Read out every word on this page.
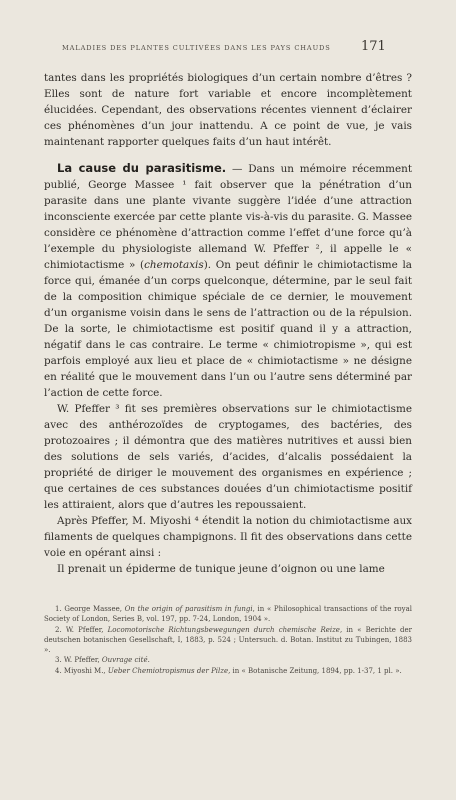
MALADIES DES PLANTES CULTIVÉES DANS LES PAYS CHAUDS	171

tantes dans les propriétés biologiques d’un certain nombre d’êtres ? Elles sont de nature fort variable et encore incomplètement élucidées. Cependant, des observations récentes viennent d’éclairer ces phénomènes d’un jour inattendu. A ce point de vue, je vais maintenant rapporter quelques faits d’un haut intérêt.

La cause du parasitisme. — Dans un mémoire récemment publié, George Massee ¹ fait observer que la pénétration d’un parasite dans une plante vivante suggère l’idée d’une attraction inconsciente exercée par cette plante vis-à-vis du parasite. G. Massee considère ce phénomène d’attraction comme l’effet d’une force qu’à l’exemple du physiologiste allemand W. Pfeffer ², il appelle le « chimiotactisme » (chemotaxis). On peut définir le chimiotactisme la force qui, émanée d’un corps quelconque, détermine, par le seul fait de la composition chimique spéciale de ce dernier, le mouvement d’un organisme voisin dans le sens de l’attraction ou de la répulsion. De la sorte, le chimiotactisme est positif quand il y a attraction, négatif dans le cas contraire. Le terme « chimiotropisme », qui est parfois employé aux lieu et place de « chimiotactisme » ne désigne en réalité que le mouvement dans l’un ou l’autre sens déterminé par l’action de cette force.

W. Pfeffer ³ fit ses premières observations sur le chimiotactisme avec des anthérozoïdes de cryptogames, des bactéries, des protozoaires ; il démontra que des matières nutritives et aussi bien des solutions de sels variés, d’acides, d’alcalis possédaient la propriété de diriger le mouvement des organismes en expérience ; que certaines de ces substances douées d’un chimiotactisme positif les attiraient, alors que d’autres les repoussaient.

Après Pfeffer, M. Miyoshi ⁴ étendit la notion du chimiotactisme aux filaments de quelques champignons. Il fit des observations dans cette voie en opérant ainsi :

Il prenait un épiderme de tunique jeune d’oignon ou une lame

1. George Massee, On the origin of parasitism in fungi, in « Philosophical transactions of the royal Society of London, Series B, vol. 197, pp. 7-24, London, 1904 ».

2. W. Pfeffer, Locomotorische Richtungsbewegungen durch chemische Reize, in « Berichte der deutschen botanischen Gesellschaft, I, 1883, p. 524 ; Untersuch. d. Botan. Institut zu Tubingen, 1883 ».

3. W. Pfeffer, Ouvrage cité.

4. Miyoshi M., Ueber Chemiotropismus der Pilze, in « Botanische Zeitung, 1894, pp. 1-37, 1 pl. ».
